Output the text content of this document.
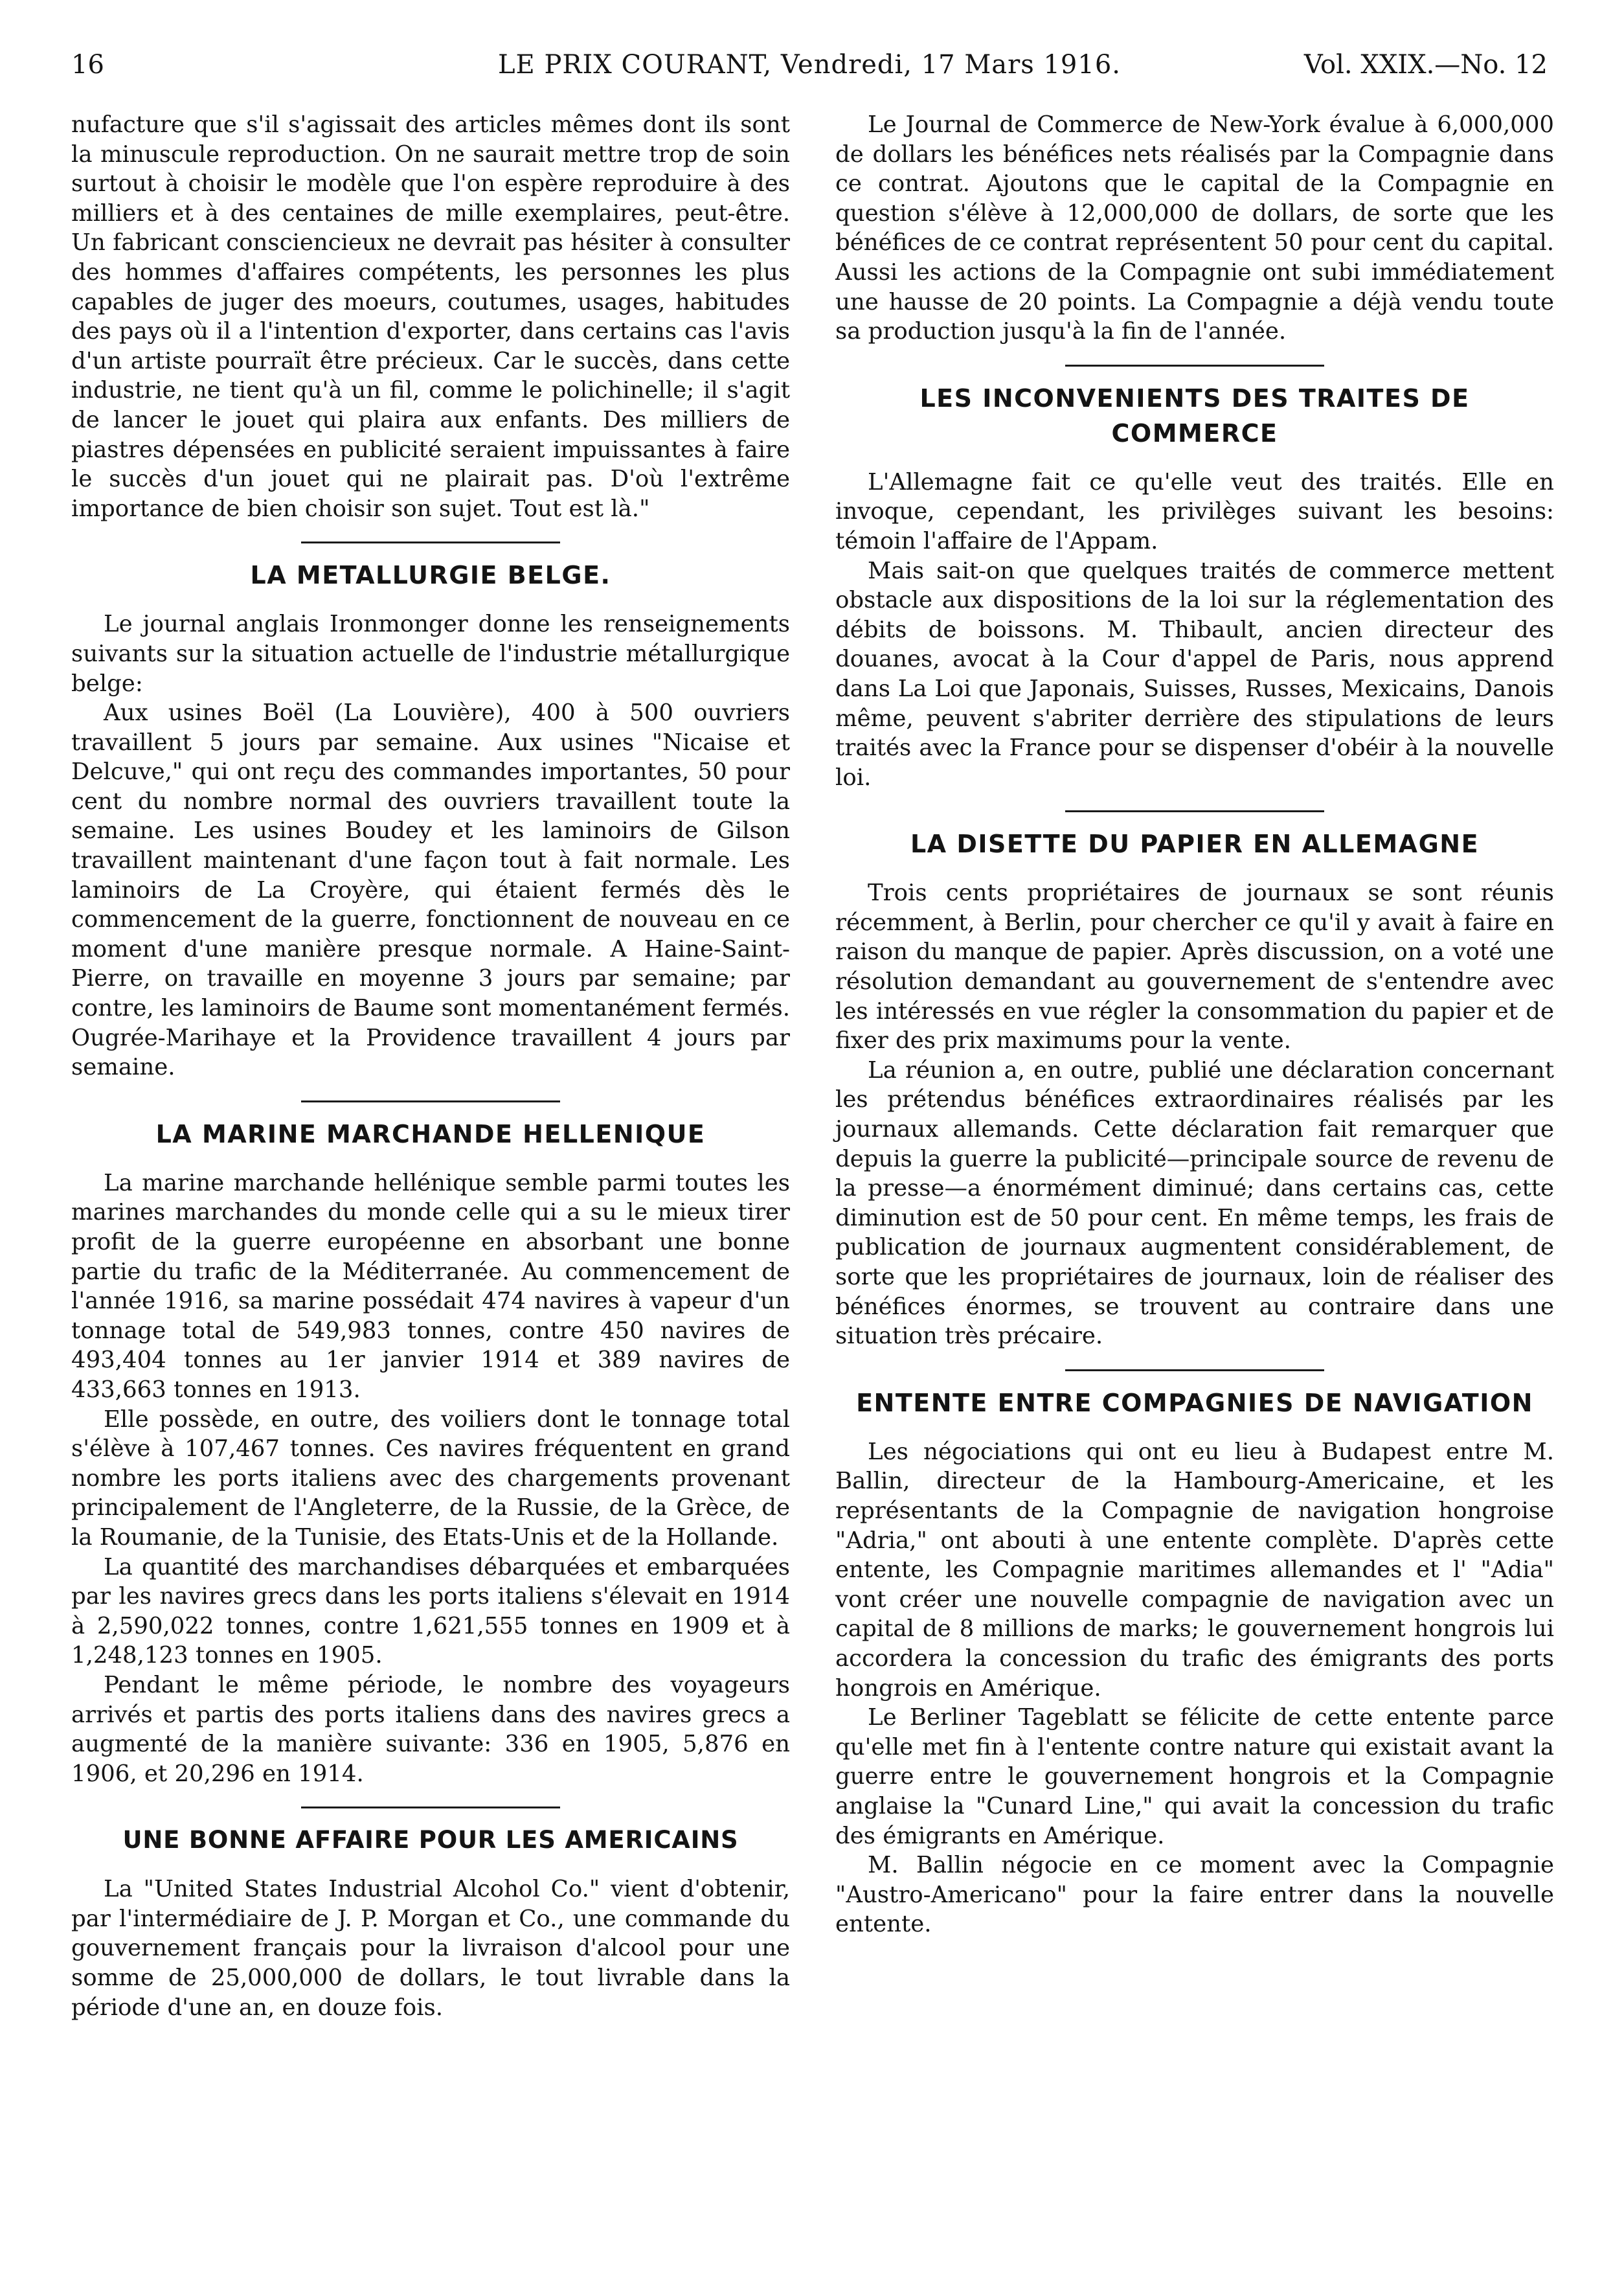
16	LE PRIX COURANT, Vendredi, 17 Mars 1916.	Vol. XXIX.—No. 12

nufacture que s'il s'agissait des articles mêmes dont ils sont la minuscule reproduction. On ne saurait mettre trop de soin surtout à choisir le modèle que l'on espère reproduire à des milliers et à des centaines de mille exemplaires, peut-être. Un fabricant consciencieux ne devrait pas hésiter à consulter des hommes d'affaires compétents, les personnes les plus capables de juger des moeurs, coutumes, usages, habitudes des pays où il a l'intention d'exporter, dans certains cas l'avis d'un artiste pourraït être précieux. Car le succès, dans cette industrie, ne tient qu'à un fil, comme le polichinelle; il s'agit de lancer le jouet qui plaira aux enfants. Des milliers de piastres dépensées en publicité seraient impuissantes à faire le succès d'un jouet qui ne plairait pas. D'où l'extrême importance de bien choisir son sujet. Tout est là."

LA METALLURGIE BELGE.

Le journal anglais Ironmonger donne les renseignements suivants sur la situation actuelle de l'industrie métallurgique belge:

Aux usines Boël (La Louvière), 400 à 500 ouvriers travaillent 5 jours par semaine. Aux usines "Nicaise et Delcuve," qui ont reçu des commandes importantes, 50 pour cent du nombre normal des ouvriers travaillent toute la semaine. Les usines Boudey et les laminoirs de Gilson travaillent maintenant d'une façon tout à fait normale. Les laminoirs de La Croyère, qui étaient fermés dès le commencement de la guerre, fonctionnent de nouveau en ce moment d'une manière presque normale. A Haine-Saint-Pierre, on travaille en moyenne 3 jours par semaine; par contre, les laminoirs de Baume sont momentanément fermés. Ougrée-Marihaye et la Providence travaillent 4 jours par semaine.

LA MARINE MARCHANDE HELLENIQUE

La marine marchande hellénique semble parmi toutes les marines marchandes du monde celle qui a su le mieux tirer profit de la guerre européenne en absorbant une bonne partie du trafic de la Méditerranée. Au commencement de l'année 1916, sa marine possédait 474 navires à vapeur d'un tonnage total de 549,983 tonnes, contre 450 navires de 493,404 tonnes au 1er janvier 1914 et 389 navires de 433,663 tonnes en 1913.

Elle possède, en outre, des voiliers dont le tonnage total s'élève à 107,467 tonnes. Ces navires fréquentent en grand nombre les ports italiens avec des chargements provenant principalement de l'Angleterre, de la Russie, de la Grèce, de la Roumanie, de la Tunisie, des Etats-Unis et de la Hollande.

La quantité des marchandises débarquées et embarquées par les navires grecs dans les ports italiens s'élevait en 1914 à 2,590,022 tonnes, contre 1,621,555 tonnes en 1909 et à 1,248,123 tonnes en 1905.

Pendant le même période, le nombre des voyageurs arrivés et partis des ports italiens dans des navires grecs a augmenté de la manière suivante: 336 en 1905, 5,876 en 1906, et 20,296 en 1914.

UNE BONNE AFFAIRE POUR LES AMERICAINS

La "United States Industrial Alcohol Co." vient d'obtenir, par l'intermédiaire de J. P. Morgan et Co., une commande du gouvernement français pour la livraison d'alcool pour une somme de 25,000,000 de dollars, le tout livrable dans la période d'une an, en douze fois.

Le Journal de Commerce de New-York évalue à 6,000,000 de dollars les bénéfices nets réalisés par la Compagnie dans ce contrat. Ajoutons que le capital de la Compagnie en question s'élève à 12,000,000 de dollars, de sorte que les bénéfices de ce contrat représentent 50 pour cent du capital. Aussi les actions de la Compagnie ont subi immédiatement une hausse de 20 points. La Compagnie a déjà vendu toute sa production jusqu'à la fin de l'année.

LES INCONVENIENTS DES TRAITES DE COMMERCE

L'Allemagne fait ce qu'elle veut des traités. Elle en invoque, cependant, les privilèges suivant les besoins: témoin l'affaire de l'Appam.

Mais sait-on que quelques traités de commerce mettent obstacle aux dispositions de la loi sur la réglementation des débits de boissons. M. Thibault, ancien directeur des douanes, avocat à la Cour d'appel de Paris, nous apprend dans La Loi que Japonais, Suisses, Russes, Mexicains, Danois même, peuvent s'abriter derrière des stipulations de leurs traités avec la France pour se dispenser d'obéir à la nouvelle loi.

LA DISETTE DU PAPIER EN ALLEMAGNE

Trois cents propriétaires de journaux se sont réunis récemment, à Berlin, pour chercher ce qu'il y avait à faire en raison du manque de papier. Après discussion, on a voté une résolution demandant au gouvernement de s'entendre avec les intéressés en vue régler la consommation du papier et de fixer des prix maximums pour la vente.

La réunion a, en outre, publié une déclaration concernant les prétendus bénéfices extraordinaires réalisés par les journaux allemands. Cette déclaration fait remarquer que depuis la guerre la publicité—principale source de revenu de la presse—a énormément diminué; dans certains cas, cette diminution est de 50 pour cent. En même temps, les frais de publication de journaux augmentent considérablement, de sorte que les propriétaires de journaux, loin de réaliser des bénéfices énormes, se trouvent au contraire dans une situation très précaire.

ENTENTE ENTRE COMPAGNIES DE NAVIGATION

Les négociations qui ont eu lieu à Budapest entre M. Ballin, directeur de la Hambourg-Americaine, et les représentants de la Compagnie de navigation hongroise "Adria," ont abouti à une entente complète. D'après cette entente, les Compagnie maritimes allemandes et l' "Adia" vont créer une nouvelle compagnie de navigation avec un capital de 8 millions de marks; le gouvernement hongrois lui accordera la concession du trafic des émigrants des ports hongrois en Amérique.

Le Berliner Tageblatt se félicite de cette entente parce qu'elle met fin à l'entente contre nature qui existait avant la guerre entre le gouvernement hongrois et la Compagnie anglaise la "Cunard Line," qui avait la concession du trafic des émigrants en Amérique.

M. Ballin négocie en ce moment avec la Compagnie "Austro-Americano" pour la faire entrer dans la nouvelle entente.
